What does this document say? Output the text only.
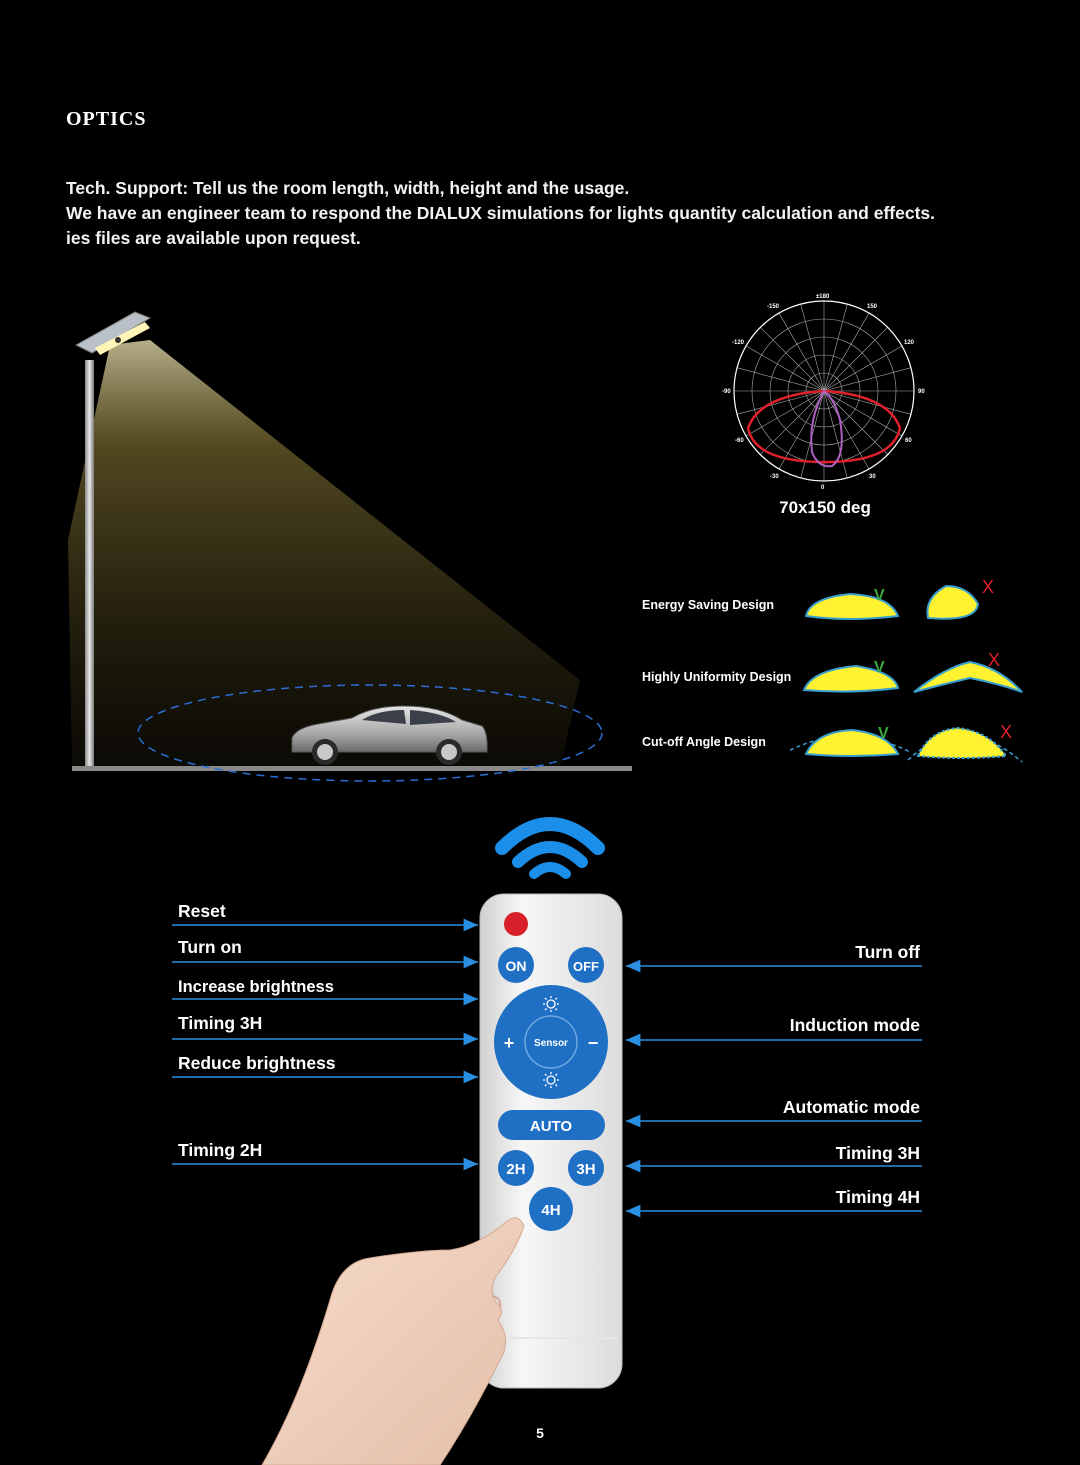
OPTICS
Tech. Support: Tell us the room length, width, height and the usage.
We have an engineer team to respond the DIALUX simulations for lights quantity calculation and effects.
ies files are available upon request.
±180
-150	150
-120	120
-90	90
-60	60
-30	30
0
70x150 deg
Energy Saving Design
Highly Uniformity Design
Cut-off Angle Design
V	X
V	X
V	X
ON	OFF
Sensor
+	−
AUTO
2H	3H
4H
Reset
Turn on
Increase brightness
Timing 3H
Reduce brightness
Timing 2H
Turn off
Induction mode
Automatic mode
Timing 3H
Timing 4H
5
